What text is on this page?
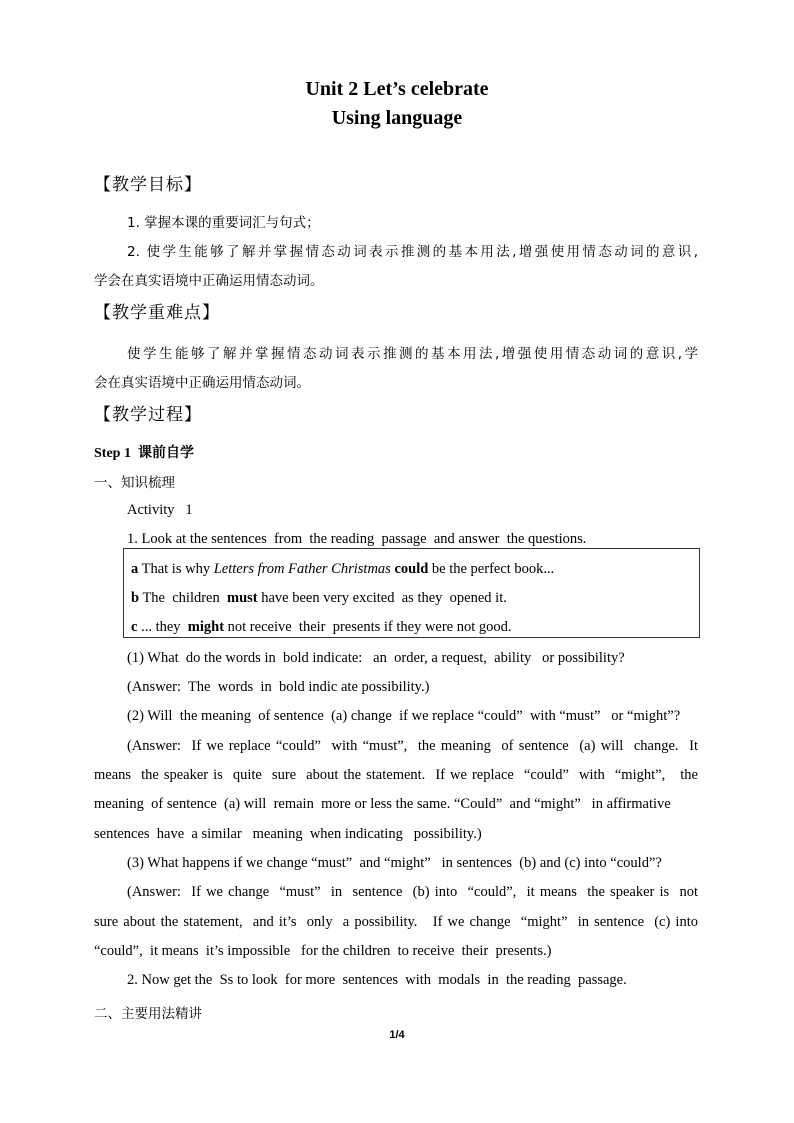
Unit 2 Let’s celebrate
Using language
【教学目标】
1. 掌握本课的重要词汇与句式；
2. 使学生能够了解并掌握情态动词表示推测的基本用法,增强使用情态动词的意识,
学会在真实语境中正确运用情态动词。
【教学重难点】
使学生能够了解并掌握情态动词表示推测的基本用法,增强使用情态动词的意识,学
会在真实语境中正确运用情态动词。
【教学过程】
Step 1 课前自学
一、知识梳理
Activity   1
1. Look at the sentences  from  the reading  passage  and answer  the questions.
a That is why Letters from Father Christmas could be the perfect book...
b The  children  must have been very excited  as they  opened it.
c ... they  might not receive  their  presents if they were not good.
(1) What  do the words in  bold indicate:   an  order, a request,  ability   or possibility?
(Answer:  The  words  in  bold indic ate possibility.)
(2) Will  the meaning  of sentence  (a) change  if we replace “could”  with “must”   or “might”?
(Answer:  If we replace “could”  with “must”,  the meaning  of sentence  (a) will  change.  It
means  the speaker is  quite  sure  about the statement.  If we replace  “could”  with  “might”,   the
meaning  of sentence  (a) will  remain  more or less the same. “Could”  and “might”   in affirmative
sentences  have  a similar   meaning  when indicating   possibility.)
(3) What happens if we change “must”  and “might”   in sentences  (b) and (c) into “could”?
(Answer:  If we change  “must”  in  sentence  (b) into  “could”,  it means  the speaker is  not
sure about the statement,  and it’s  only  a possibility.   If we change  “might”  in sentence  (c) into
“could”,  it means  it’s impossible   for the children  to receive  their  presents.)
2. Now get the  Ss to look  for more  sentences  with  modals  in  the reading  passage.
二、主要用法精讲
1/4
